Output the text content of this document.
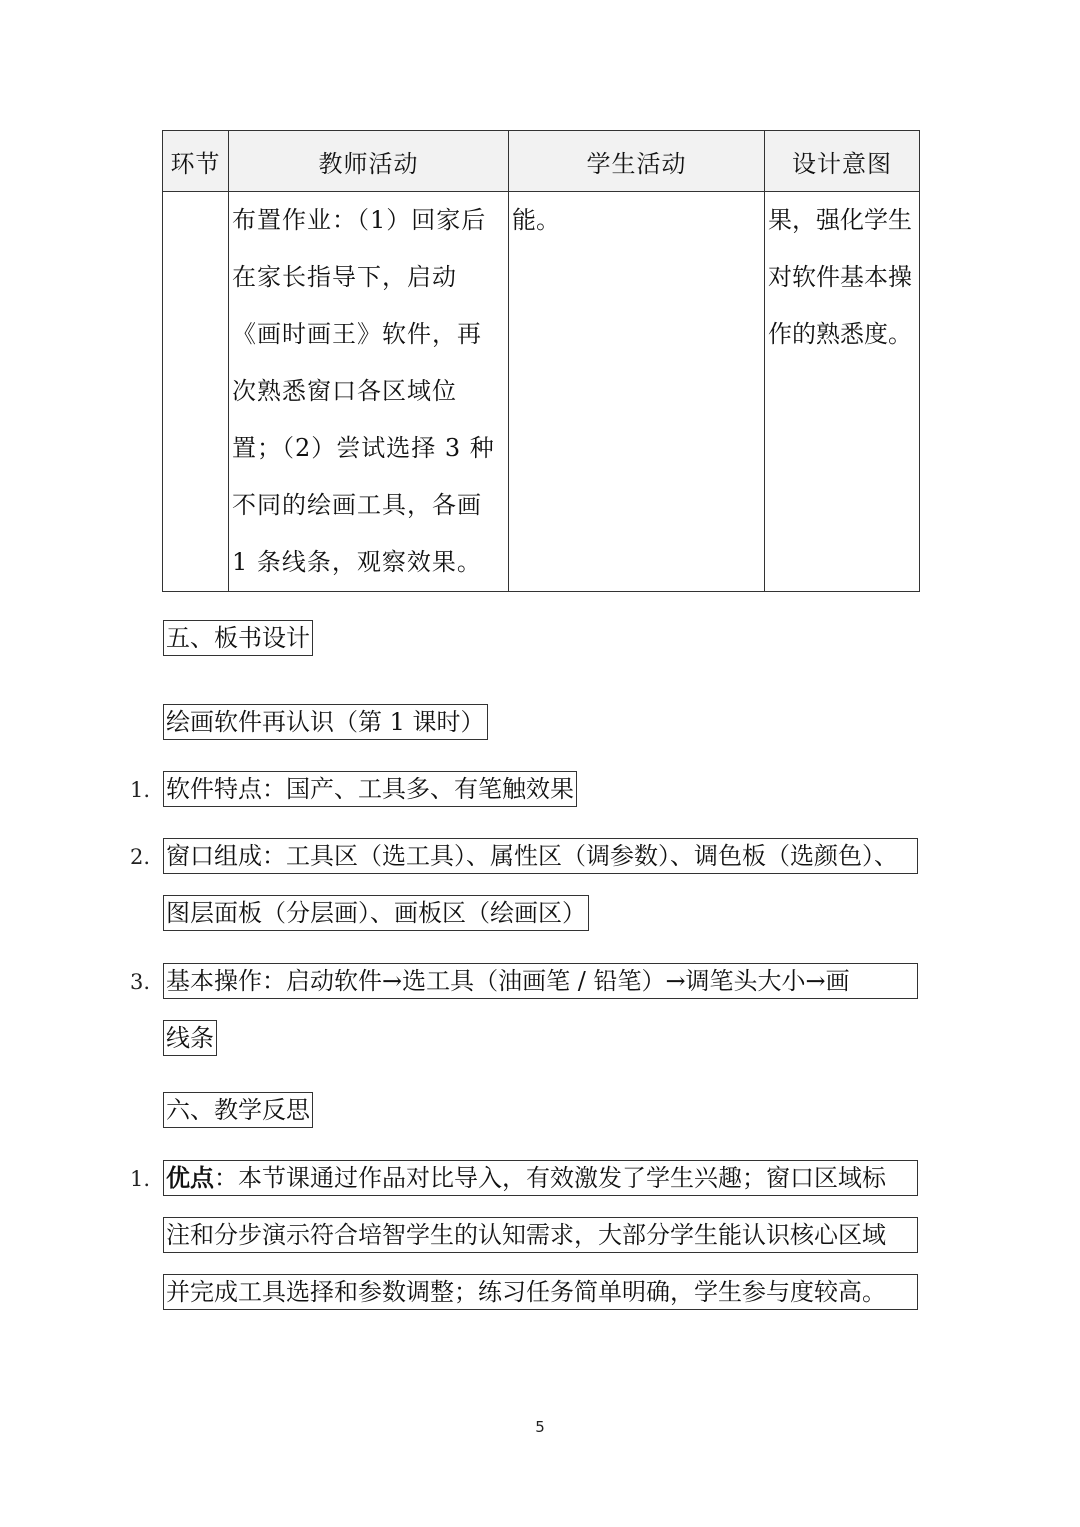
环节	教师活动	学生活动	设计意图
	布置作业：（1）回家后在家长指导下，启动《画时画王》软件，再次熟悉窗口各区域位置；（2）尝试选择 3 种不同的绘画工具，各画 1 条线条，观察效果。	能。	果，强化学生对软件基本操作的熟悉度。
五、板书设计
绘画软件再认识（第 1 课时）
1. 软件特点：国产、工具多、有笔触效果
2. 窗口组成：工具区（选工具）、属性区（调参数）、调色板（选颜色）、
图层面板（分层画）、画板区（绘画区）
3. 基本操作：启动软件→选工具（油画笔 / 铅笔）→调笔头大小→画
线条
六、教学反思
1. 优点：本节课通过作品对比导入，有效激发了学生兴趣；窗口区域标
注和分步演示符合培智学生的认知需求，大部分学生能认识核心区域
并完成工具选择和参数调整；练习任务简单明确，学生参与度较高。
5
